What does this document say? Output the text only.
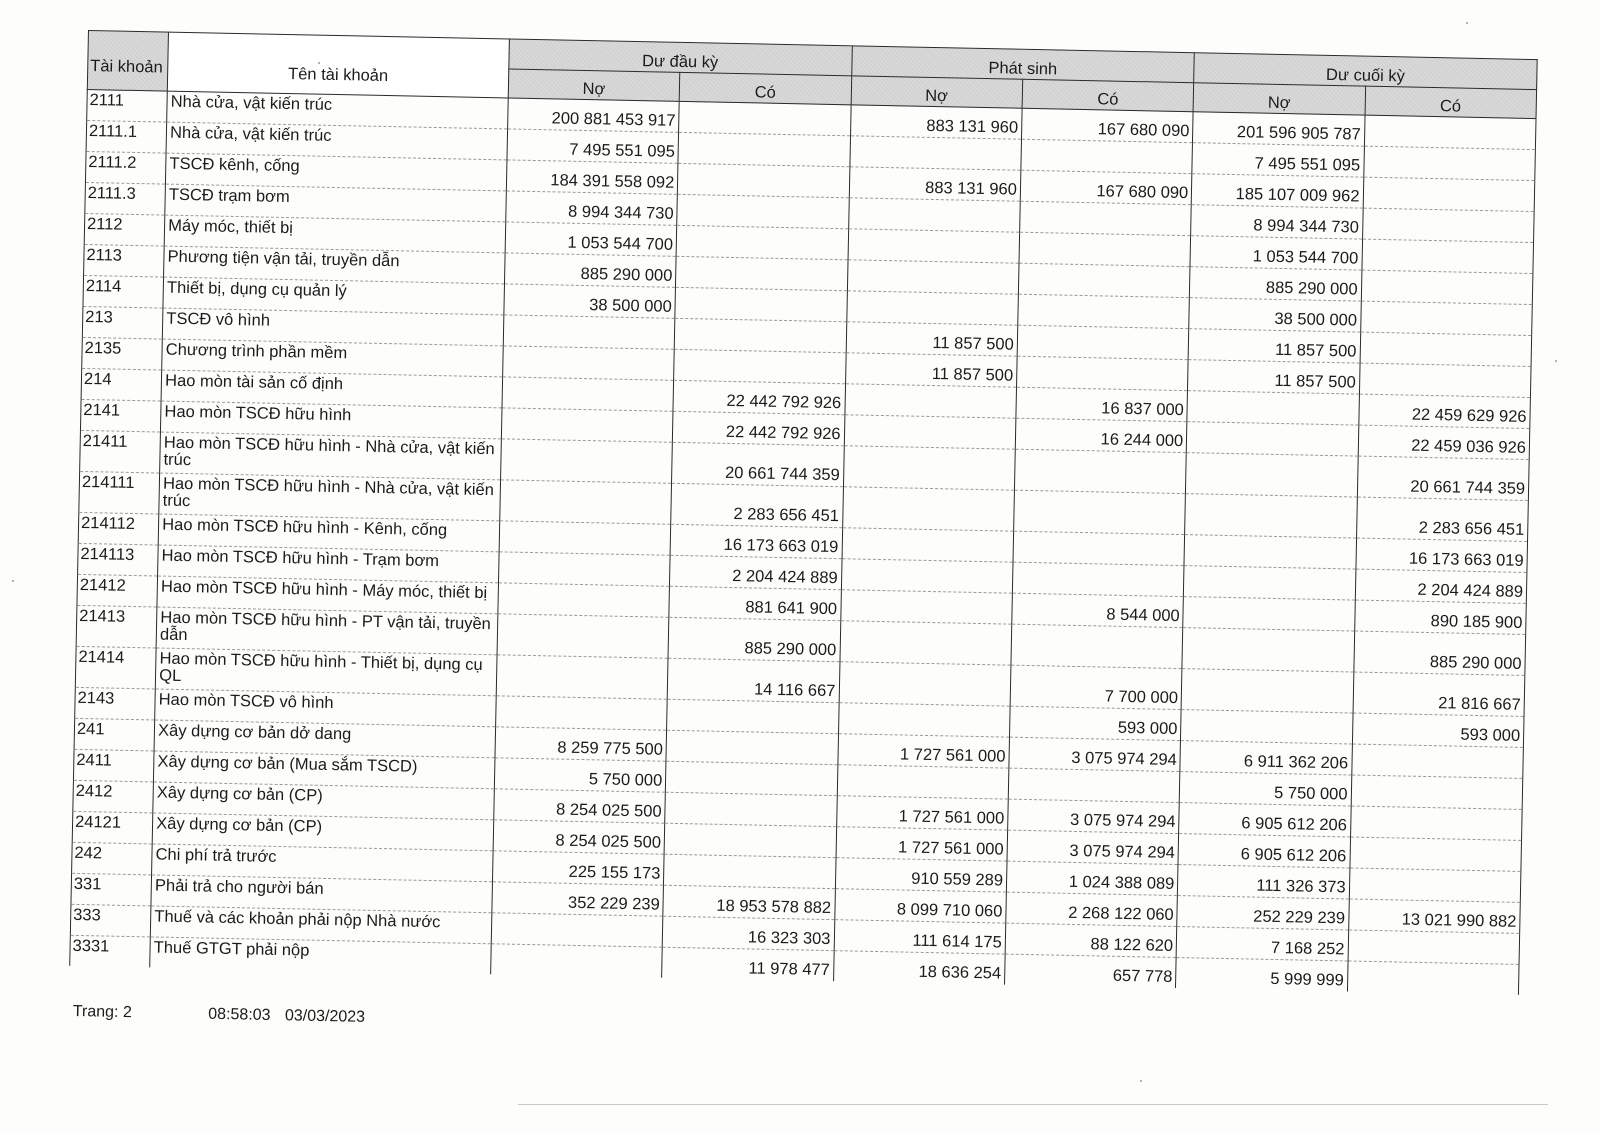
Tài khoản	Tên tài khoản	Dư đầu kỳ		Phát sinh		Dư cuối kỳ	
		Nợ	Có	Nợ	Có	Nợ	Có
2111	Nhà cửa, vật kiến trúc	200 881 453 917		883 131 960	167 680 090	201 596 905 787	
2111.1	Nhà cửa, vật kiến trúc	7 495 551 095				7 495 551 095	
2111.2	TSCĐ kênh, cống	184 391 558 092		883 131 960	167 680 090	185 107 009 962	
2111.3	TSCĐ trạm bơm	8 994 344 730				8 994 344 730	
2112	Máy móc, thiết bị	1 053 544 700				1 053 544 700	
2113	Phương tiện vận tải, truyền dẫn	885 290 000				885 290 000	
2114	Thiết bị, dụng cụ quản lý	38 500 000				38 500 000	
213	TSCĐ vô hình			11 857 500		11 857 500	
2135	Chương trình phần mềm			11 857 500		11 857 500	
214	Hao mòn tài sản cố định		22 442 792 926		16 837 000		22 459 629 926
2141	Hao mòn TSCĐ hữu hình		22 442 792 926		16 244 000		22 459 036 926
21411	Hao mòn TSCĐ hữu hình - Nhà cửa, vật kiến trúc		20 661 744 359				20 661 744 359
214111	Hao mòn TSCĐ hữu hình - Nhà cửa, vật kiến trúc		2 283 656 451				2 283 656 451
214112	Hao mòn TSCĐ hữu hình - Kênh, cống		16 173 663 019				16 173 663 019
214113	Hao mòn TSCĐ hữu hình - Trạm bơm		2 204 424 889				2 204 424 889
21412	Hao mòn TSCĐ hữu hình - Máy móc, thiết bị		881 641 900		8 544 000		890 185 900
21413	Hao mòn TSCĐ hữu hình - PT vận tải, truyền dẫn		885 290 000				885 290 000
21414	Hao mòn TSCĐ hữu hình - Thiết bị, dụng cụ QL		14 116 667		7 700 000		21 816 667
2143	Hao mòn TSCĐ vô hình				593 000		593 000
241	Xây dựng cơ bản dở dang	8 259 775 500		1 727 561 000	3 075 974 294	6 911 362 206	
2411	Xây dựng cơ bản (Mua sắm TSCD)	5 750 000				5 750 000	
2412	Xây dựng cơ bản (CP)	8 254 025 500		1 727 561 000	3 075 974 294	6 905 612 206	
24121	Xây dựng cơ bản (CP)	8 254 025 500		1 727 561 000	3 075 974 294	6 905 612 206	
242	Chi phí trả trước	225 155 173		910 559 289	1 024 388 089	111 326 373	
331	Phải trả cho người bán	352 229 239	18 953 578 882	8 099 710 060	2 268 122 060	252 229 239	13 021 990 882
333	Thuế và các khoản phải nộp Nhà nước		16 323 303	111 614 175	88 122 620	7 168 252	
3331	Thuế GTGT phải nộp		11 978 477	18 636 254	657 778	5 999 999	
Trang: 2	08:58:03 03/03/2023
